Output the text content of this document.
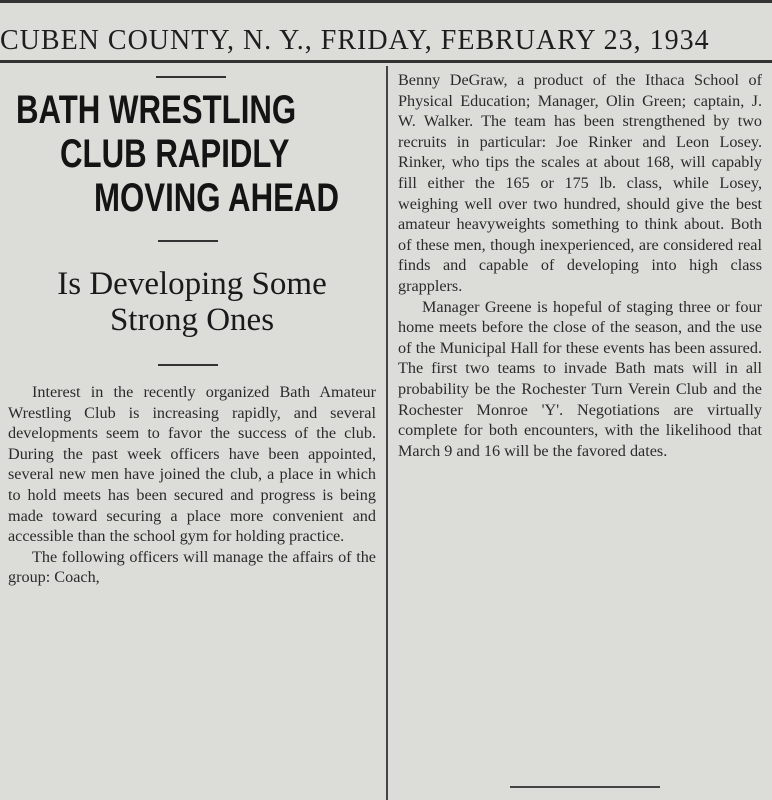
CUBEN COUNTY, N. Y., FRIDAY, FEBRUARY 23, 1934
BATH WRESTLING
CLUB RAPIDLY
MOVING AHEAD
Is Developing Some
Strong Ones

Interest in the recently organized Bath Amateur Wrestling Club is increasing rapidly, and several developments seem to favor the success of the club. During the past week officers have been appointed, several new men have joined the club, a place in which to hold meets has been secured and progress is being made toward securing a place more convenient and accessible than the school gym for holding practice.

The following officers will manage the affairs of the group: Coach,

Benny DeGraw, a product of the Ithaca School of Physical Education; Manager, Olin Green; captain, J. W. Walker. The team has been strengthened by two recruits in particular: Joe Rinker and Leon Losey. Rinker, who tips the scales at about 168, will capably fill either the 165 or 175 lb. class, while Losey, weighing well over two hundred, should give the best amateur heavyweights something to think about. Both of these men, though inexperienced, are considered real finds and capable of developing into high class grapplers.

Manager Greene is hopeful of staging three or four home meets before the close of the season, and the use of the Municipal Hall for these events has been assured. The first two teams to invade Bath mats will in all probability be the Rochester Turn Verein Club and the Rochester Monroe 'Y'. Negotiations are virtually complete for both encounters, with the likelihood that March 9 and 16 will be the favored dates.
